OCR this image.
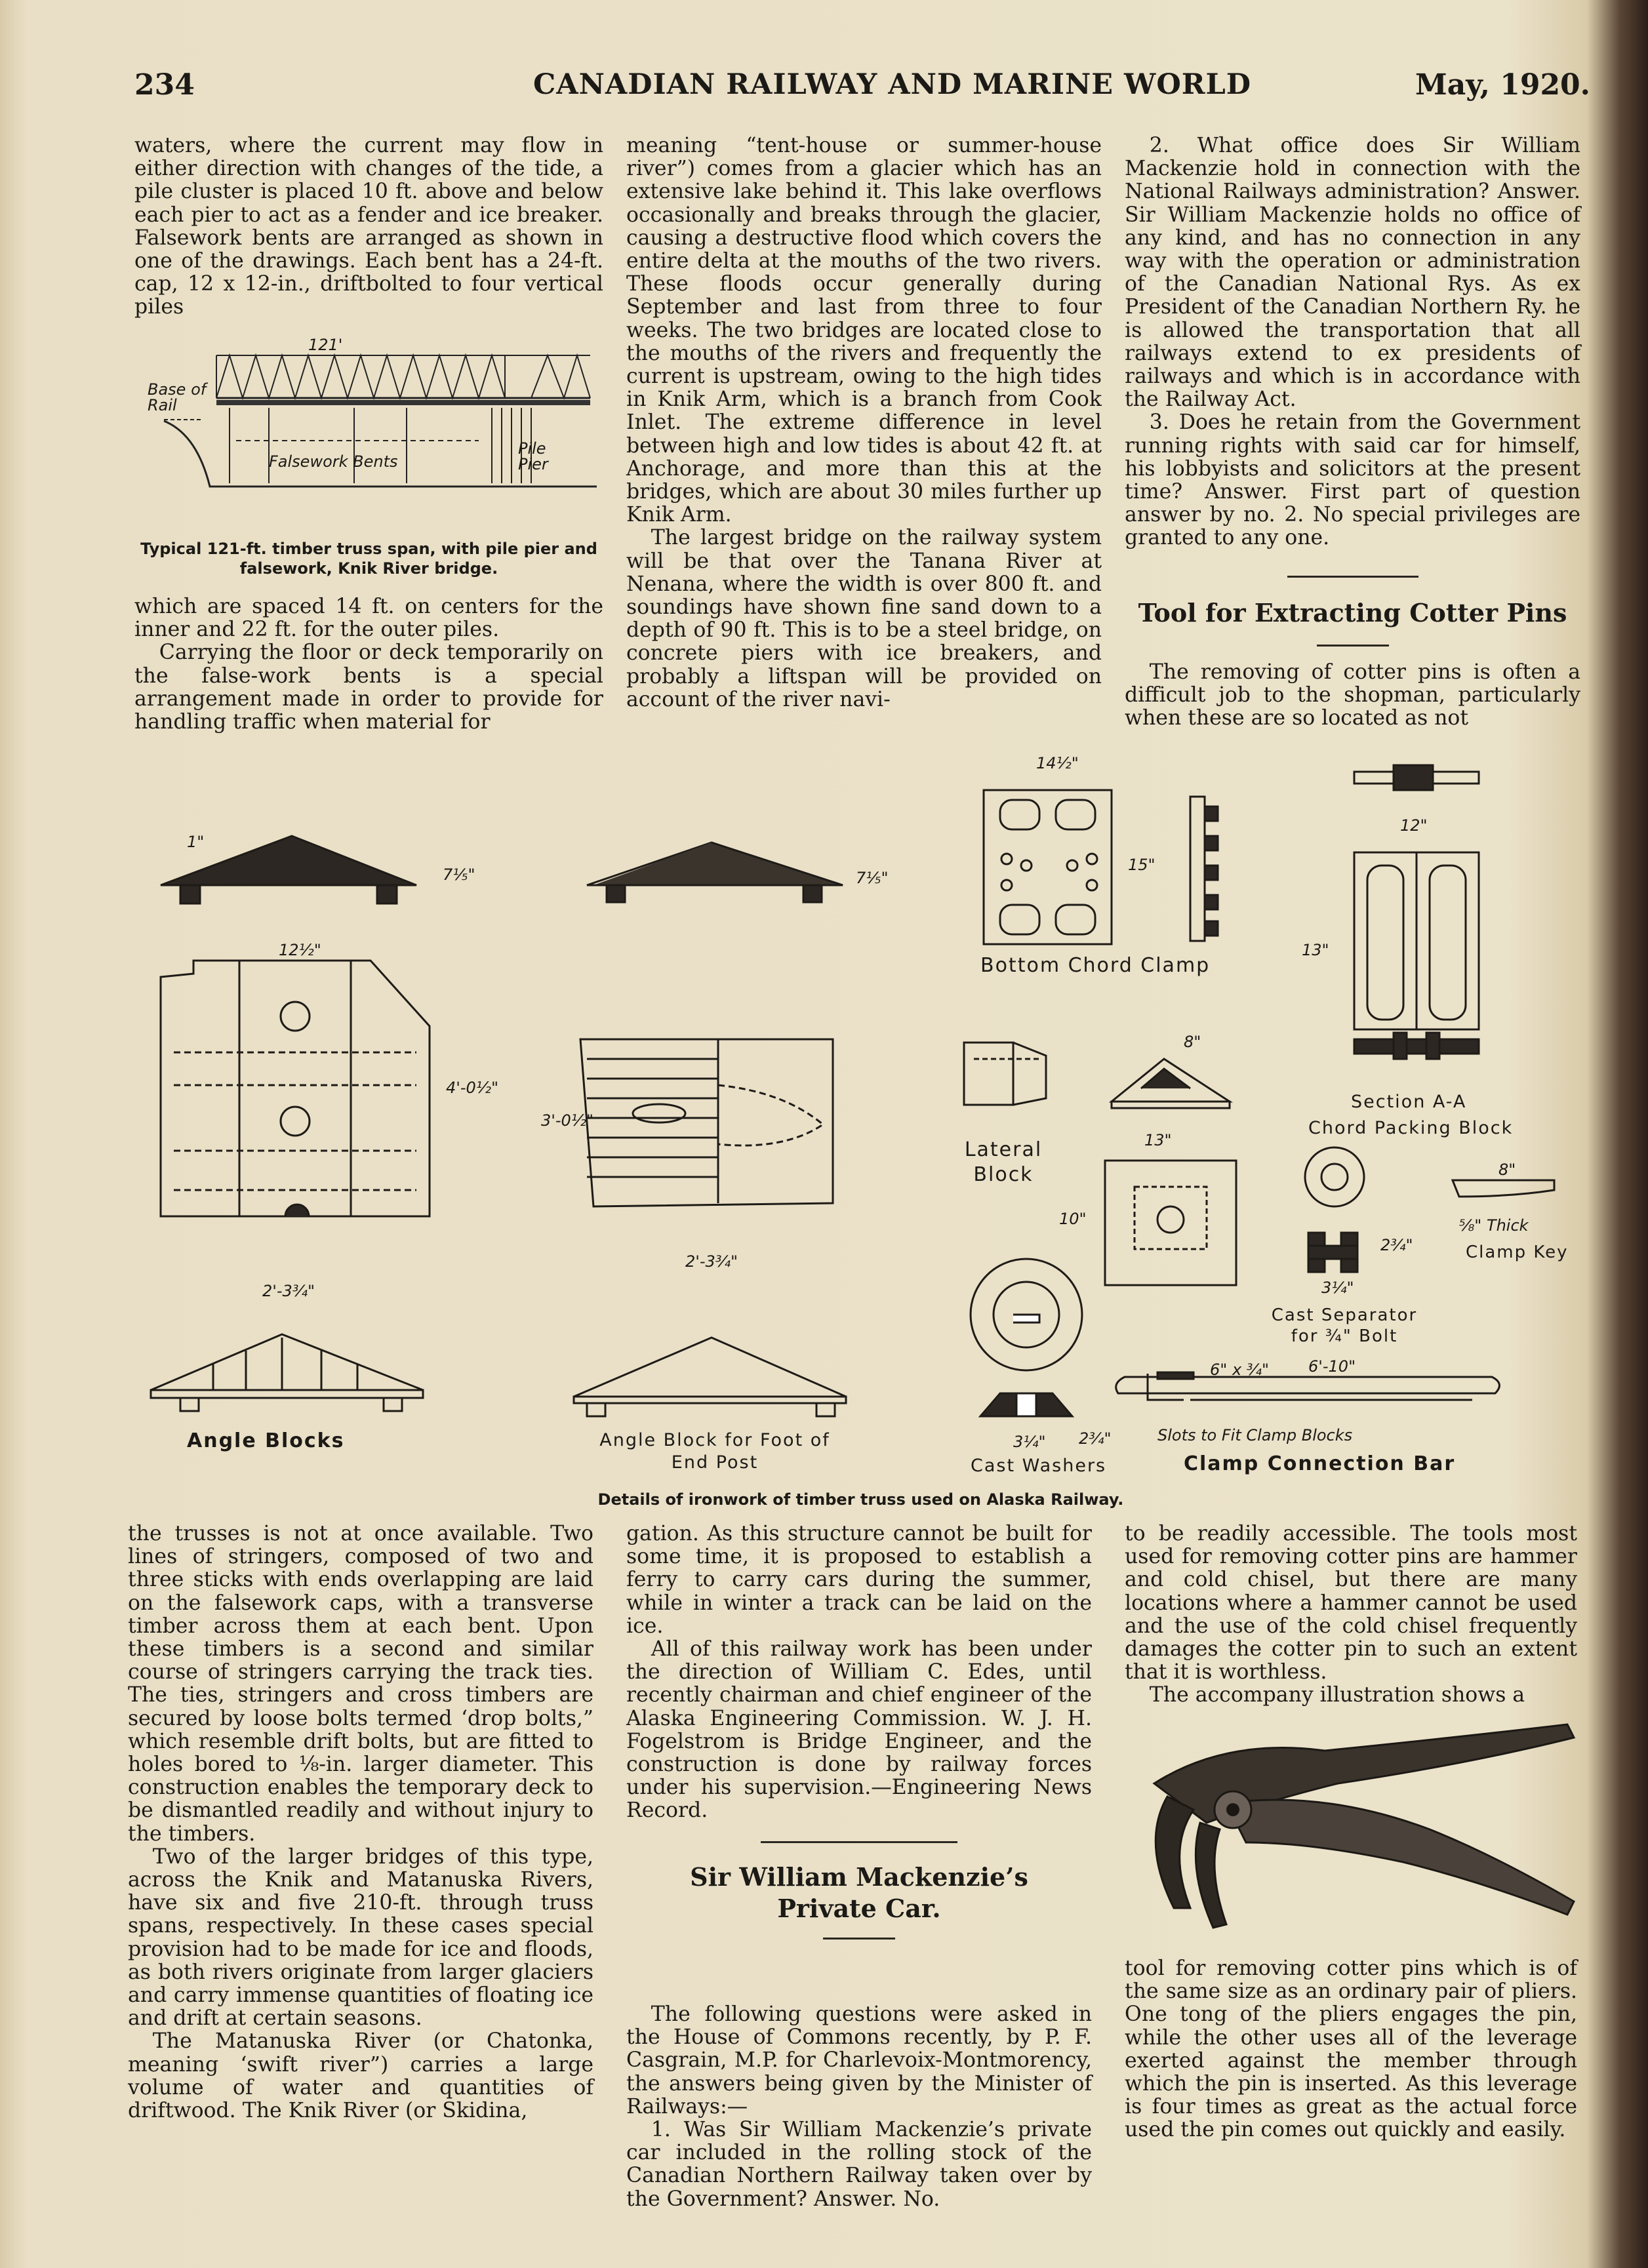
234	CANADIAN RAILWAY AND MARINE WORLD	May, 1920.

waters, where the current may flow in either direction with changes of the tide, a pile cluster is placed 10 ft. above and below each pier to act as a fender and ice breaker. Falsework bents are arranged as shown in one of the drawings. Each bent has a 24-ft. cap, 12 x 12-in., driftbolted to four vertical piles

121'
Base of Rail
Falsework Bents
Pile Pier
Typical 121-ft. timber truss span, with pile pier and falsework, Knik River bridge.

which are spaced 14 ft. on centers for the inner and 22 ft. for the outer piles.

Carrying the floor or deck temporarily on the false-work bents is a special arrangement made in order to provide for handling traffic when material for

meaning “tent-house or summer-house river”) comes from a glacier which has an extensive lake behind it. This lake overflows occasionally and breaks through the glacier, causing a destructive flood which covers the entire delta at the mouths of the two rivers. These floods occur generally during September and last from three to four weeks. The two bridges are located close to the mouths of the rivers and frequently the current is upstream, owing to the high tides in Knik Arm, which is a branch from Cook Inlet. The extreme difference in level between high and low tides is about 42 ft. at Anchorage, and more than this at the bridges, which are about 30 miles further up Knik Arm.

The largest bridge on the railway system will be that over the Tanana River at Nenana, where the width is over 800 ft. and soundings have shown fine sand down to a depth of 90 ft. This is to be a steel bridge, on concrete piers with ice breakers, and probably a liftspan will be provided on account of the river navi-

2. What office does Sir William Mackenzie hold in connection with the National Railways administration? Answer. Sir William Mackenzie holds no office of any kind, and has no connection in any way with the operation or administration of the Canadian National Rys. As ex President of the Canadian Northern Ry. he is allowed the transportation that all railways extend to ex presidents of railways and which is in accordance with the Railway Act.

3. Does he retain from the Government running rights with said car for himself, his lobbyists and solicitors at the present time? Answer. First part of question answer by no. 2. No special privileges are granted to any one.

Tool for Extracting Cotter Pins

The removing of cotter pins is often a difficult job to the shopman, particularly when these are so located as not

Bottom Chord Clamp
Section A-A
Chord Packing Block
Lateral Block
Cast Separator for ¾" Bolt
Clamp Key
Angle Blocks	Angle Block for Foot of End Post	Cast Washers	Clamp Connection Bar
Slots to Fit Clamp Blocks
1"
7⅕"	7⅕"
14½"
15"
12"
13"
12½"
4'-0½"
3'-0½"
8"
13"
10"
2¾"
3¼"
8"
2'-3¾"
2'-3¾"
3¼"
6'-10"
6" x ¾"
2¾"
⅝" Thick
Details of ironwork of timber truss used on Alaska Railway.

the trusses is not at once available. Two lines of stringers, composed of two and three sticks with ends overlapping are laid on the falsework caps, with a transverse timber across them at each bent. Upon these timbers is a second and similar course of stringers carrying the track ties. The ties, stringers and cross timbers are secured by loose bolts termed ‘drop bolts,” which resemble drift bolts, but are fitted to holes bored to ⅛-in. larger diameter. This construction enables the temporary deck to be dismantled readily and without injury to the timbers.

Two of the larger bridges of this type, across the Knik and Matanuska Rivers, have six and five 210-ft. through truss spans, respectively. In these cases special provision had to be made for ice and floods, as both rivers originate from larger glaciers and carry immense quantities of floating ice and drift at certain seasons.

The Matanuska River (or Chatonka, meaning ‘swift river”) carries a large volume of water and quantities of driftwood. The Knik River (or Skidina,

gation. As this structure cannot be built for some time, it is proposed to establish a ferry to carry cars during the summer, while in winter a track can be laid on the ice.

All of this railway work has been under the direction of William C. Edes, until recently chairman and chief engineer of the Alaska Engineering Commission. W. J. H. Fogelstrom is Bridge Engineer, and the construction is done by railway forces under his supervision.—Engineering News Record.

Sir William Mackenzie’s Private Car.

The following questions were asked in the House of Commons recently, by P. F. Casgrain, M.P. for Charlevoix-Montmorency, the answers being given by the Minister of Railways:—

1. Was Sir William Mackenzie’s private car included in the rolling stock of the Canadian Northern Railway taken over by the Government? Answer. No.

to be readily accessible. The tools most used for removing cotter pins are hammer and cold chisel, but there are many locations where a hammer cannot be used and the use of the cold chisel frequently damages the cotter pin to such an extent that it is worthless.

The accompany illustration shows a

tool for removing cotter pins which is of the same size as an ordinary pair of pliers. One tong of the pliers engages the pin, while the other uses all of the leverage exerted against the member through which the pin is inserted. As this leverage is four times as great as the actual force used the pin comes out quickly and easily.
